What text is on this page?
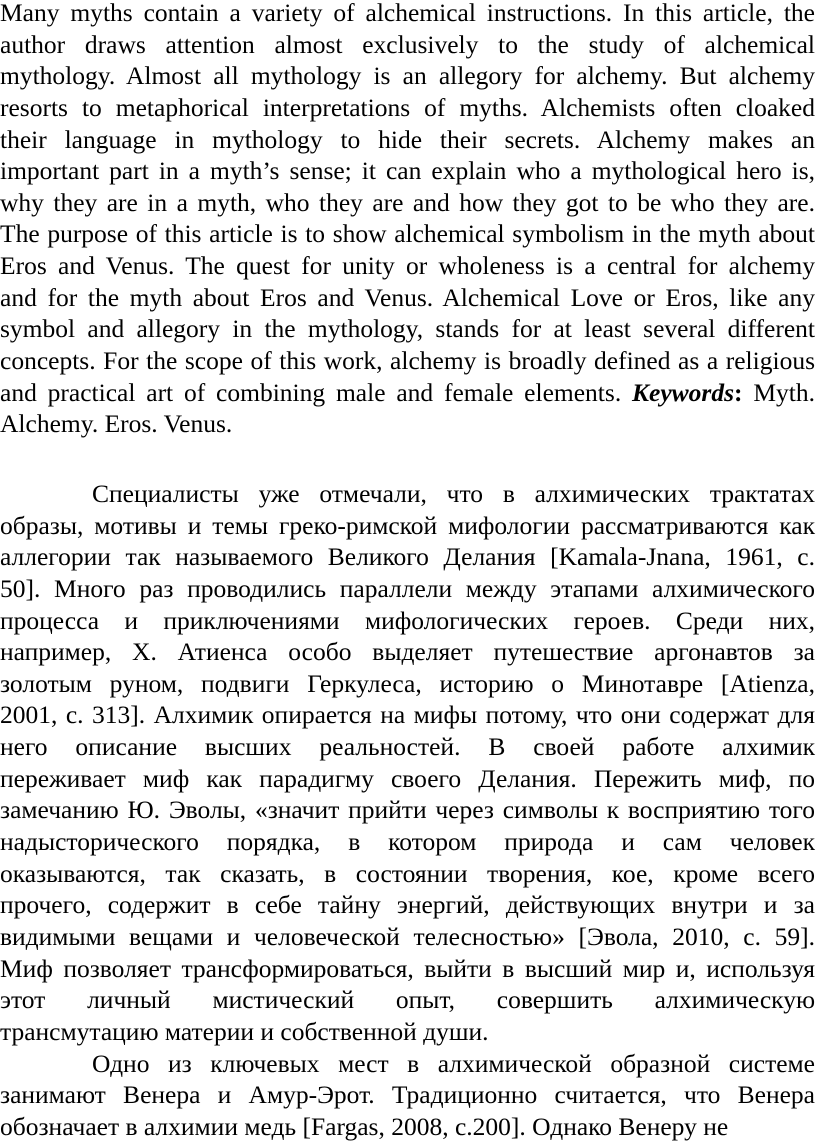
Many myths contain a variety of alchemical instructions. In this article, the
author draws attention almost exclusively to the study of alchemical
mythology. Almost all mythology is an allegory for alchemy. But alchemy
resorts to metaphorical interpretations of myths. Alchemists often cloaked
their language in mythology to hide their secrets. Alchemy makes an
important part in a myth’s sense; it can explain who a mythological hero is,
why they are in a myth, who they are and how they got to be who they are.
The purpose of this article is to show alchemical symbolism in the myth about
Eros and Venus. The quest for unity or wholeness is a central for alchemy
and for the myth about Eros and Venus. Alchemical Love or Eros, like any
symbol and allegory in the mythology, stands for at least several different
concepts. For the scope of this work, alchemy is broadly defined as a religious
and practical art of combining male and female elements. Keywords: Myth.
Alchemy. Eros. Venus.
Специалисты уже отмечали, что в алхимических трактатах
образы, мотивы и темы греко-римской мифологии рассматриваются как
аллегории так называемого Великого Делания [Kamala-Jnana, 1961, с.
50]. Много раз проводились параллели между этапами алхимического
процесса и приключениями мифологических героев. Среди них,
например, Х. Атиенса особо выделяет путешествие аргонавтов за
золотым руном, подвиги Геркулеса, историю о Минотавре [Atienza,
2001, с. 313]. Алхимик опирается на мифы потому, что они содержат для
него описание высших реальностей. В своей работе алхимик
переживает миф как парадигму своего Делания. Пережить миф, по
замечанию Ю. Эволы, «значит прийти через символы к восприятию того
надысторического порядка, в котором природа и сам человек
оказываются, так сказать, в состоянии творения, кое, кроме всего
прочего, содержит в себе тайну энергий, действующих внутри и за
видимыми вещами и человеческой телесностью» [Эвола, 2010, с. 59].
Миф позволяет трансформироваться, выйти в высший мир и, используя
этот личный мистический опыт, совершить алхимическую
трансмутацию материи и собственной души.
Одно из ключевых мест в алхимической образной системе
занимают Венера и Амур-Эрот. Традиционно считается, что Венера
обозначает в алхимии медь [Fargas, 2008, с.200]. Однако Венеру не
